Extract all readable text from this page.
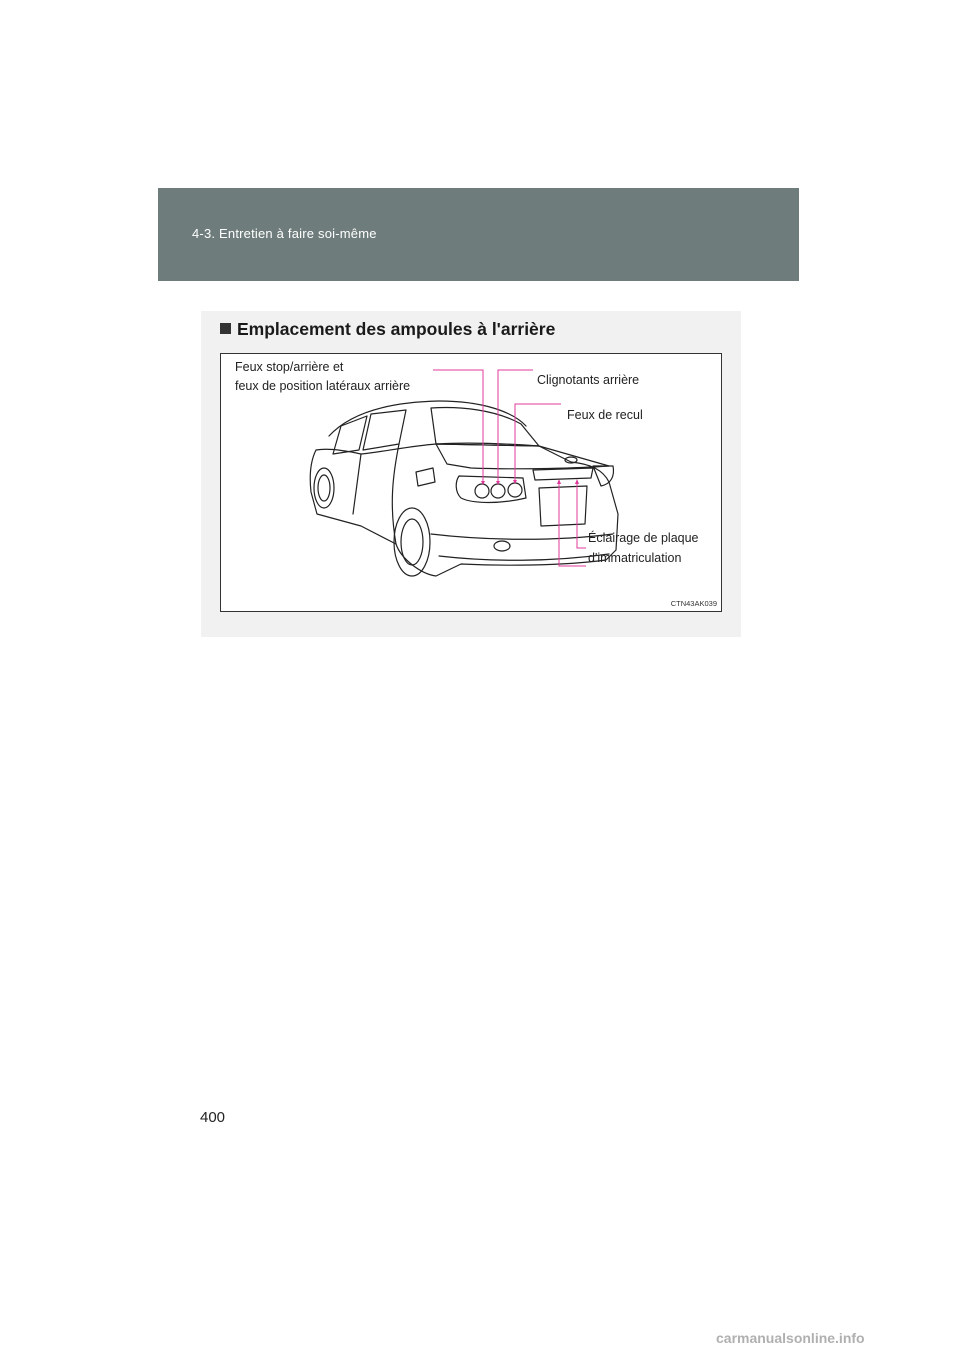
4-3. Entretien à faire soi-même
Emplacement des ampoules à l'arrière
Feux stop/arrière et
feux de position latéraux arrière	Clignotants arrière
Feux de recul
Éclairage de plaque
d'immatriculation
CTN43AK039
400
carmanualsonline.info
